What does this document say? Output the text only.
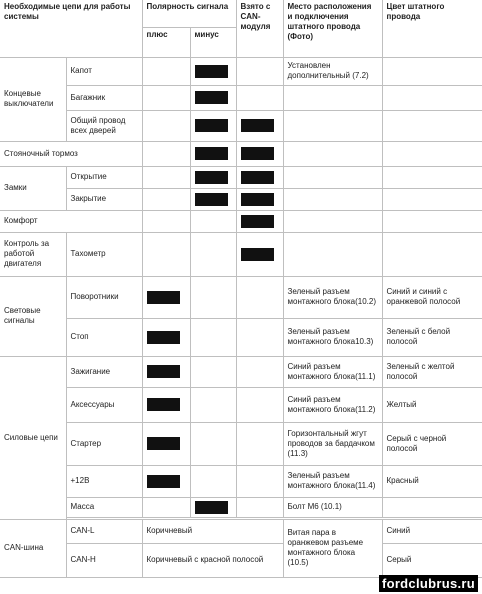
Необходимые цепи для работы системы		Полярность сигнала		Взято с CAN-модуля	Место расположения и подключения штатного провода (Фото)	Цвет штатного провода
		плюс	минус			
Концевые выключатели	Капот				Установлен дополнительный (7.2)	
	Багажник		

	Общий провод всех дверей		

Стояночный тормоз			

Замки	Открытие		

	Закрытие		

Комфорт				

Контроль за работой двигателя	Тахометр			

Световые сигналы	Поворотники				Зеленый разъем монтажного блока(10.2)	Синий и синий с оранжевой полосой
	Стоп				Зеленый разъем монтажного блока10.3)	Зеленый с белой полосой
Силовые цепи	Зажигание				Синий разъем монтажного блока(11.1)	Зеленый с желтой полосой
	Аксессуары				Синий разъем монтажного блока(11.2)	Желтый
	Стартер				Горизонтальный жгут проводов за бардачком (11.3)	Серый с черной полосой
	+12В				Зеленый разъем монтажного блока(11.4)	Красный
	Масса				Болт М6 (10.1)	

CAN-шина	CAN-L	Коричневый			Витая пара в оранжевом разъеме монтажного блока (10.5)	Синий
	CAN-H	Коричневый с красной полосой				Серый
fordclubrus.ru
